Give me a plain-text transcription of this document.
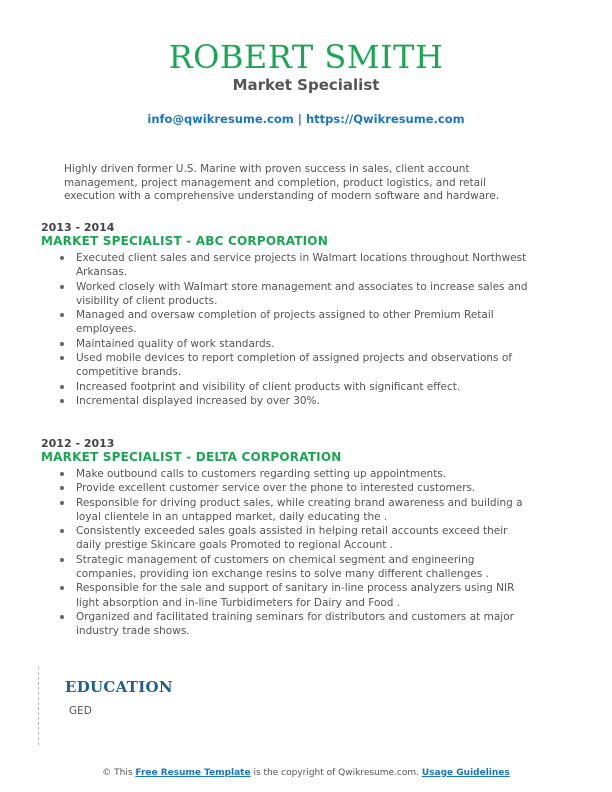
ROBERT SMITH
Market Specialist
info@qwikresume.com | https://Qwikresume.com
Highly driven former U.S. Marine with proven success in sales, client account management, project management and completion, product logistics, and retail execution with a comprehensive understanding of modern software and hardware.
2013 - 2014
MARKET SPECIALIST - ABC CORPORATION
Executed client sales and service projects in Walmart locations throughout Northwest Arkansas.
Worked closely with Walmart store management and associates to increase sales and visibility of client products.
Managed and oversaw completion of projects assigned to other Premium Retail employees.
Maintained quality of work standards.
Used mobile devices to report completion of assigned projects and observations of competitive brands.
Increased footprint and visibility of client products with significant effect.
Incremental displayed increased by over 30%.
2012 - 2013
MARKET SPECIALIST - DELTA CORPORATION
Make outbound calls to customers regarding setting up appointments.
Provide excellent customer service over the phone to interested customers.
Responsible for driving product sales, while creating brand awareness and building a loyal clientele in an untapped market, daily educating the .
Consistently exceeded sales goals assisted in helping retail accounts exceed their daily prestige Skincare goals Promoted to regional Account .
Strategic management of customers on chemical segment and engineering companies, providing ion exchange resins to solve many different challenges .
Responsible for the sale and support of sanitary in-line process analyzers using NIR light absorption and in-line Turbidimeters for Dairy and Food .
Organized and facilitated training seminars for distributors and customers at major industry trade shows.
EDUCATION
GED
© This Free Resume Template is the copyright of Qwikresume.com. Usage Guidelines
